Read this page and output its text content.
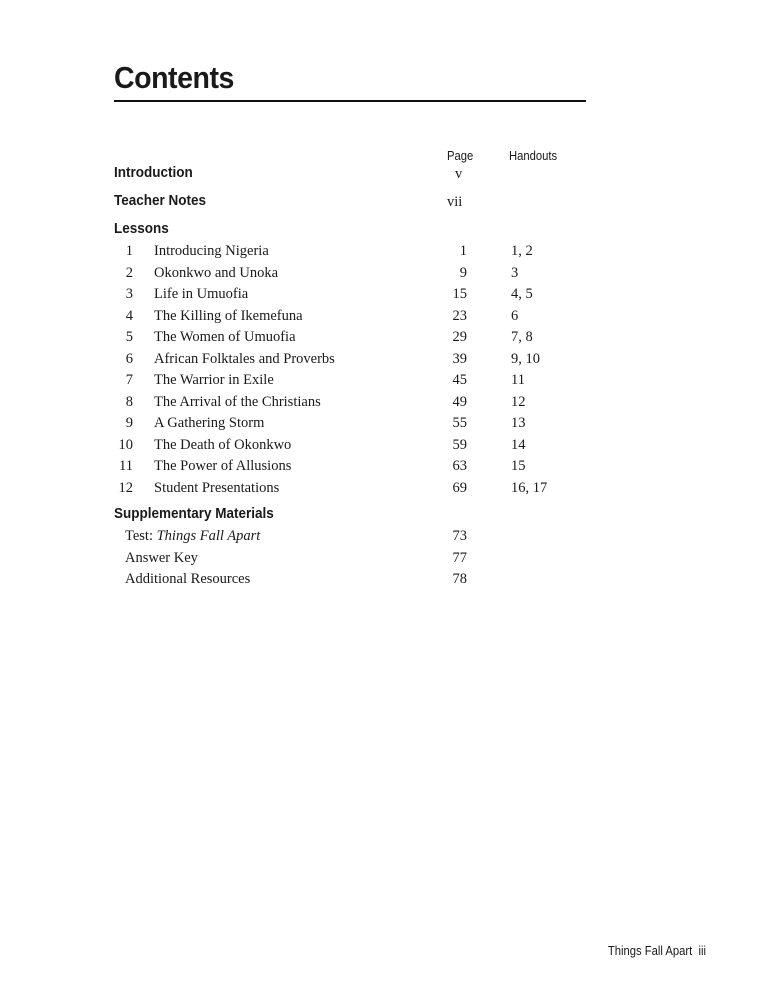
Contents
Page	Handouts
Introduction	v
Teacher Notes	vii
Lessons
1 Introducing Nigeria	1	1, 2
2 Okonkwo and Unoka	9	3
3 Life in Umuofia	15	4, 5
4 The Killing of Ikemefuna	23	6
5 The Women of Umuofia	29	7, 8
6 African Folktales and Proverbs	39	9, 10
7 The Warrior in Exile	45	11
8 The Arrival of the Christians	49	12
9 A Gathering Storm	55	13
10 The Death of Okonkwo	59	14
11 The Power of Allusions	63	15
12 Student Presentations	69	16, 17
Supplementary Materials
Test: Things Fall Apart	73
Answer Key	77
Additional Resources	78
Things Fall Apart iii
